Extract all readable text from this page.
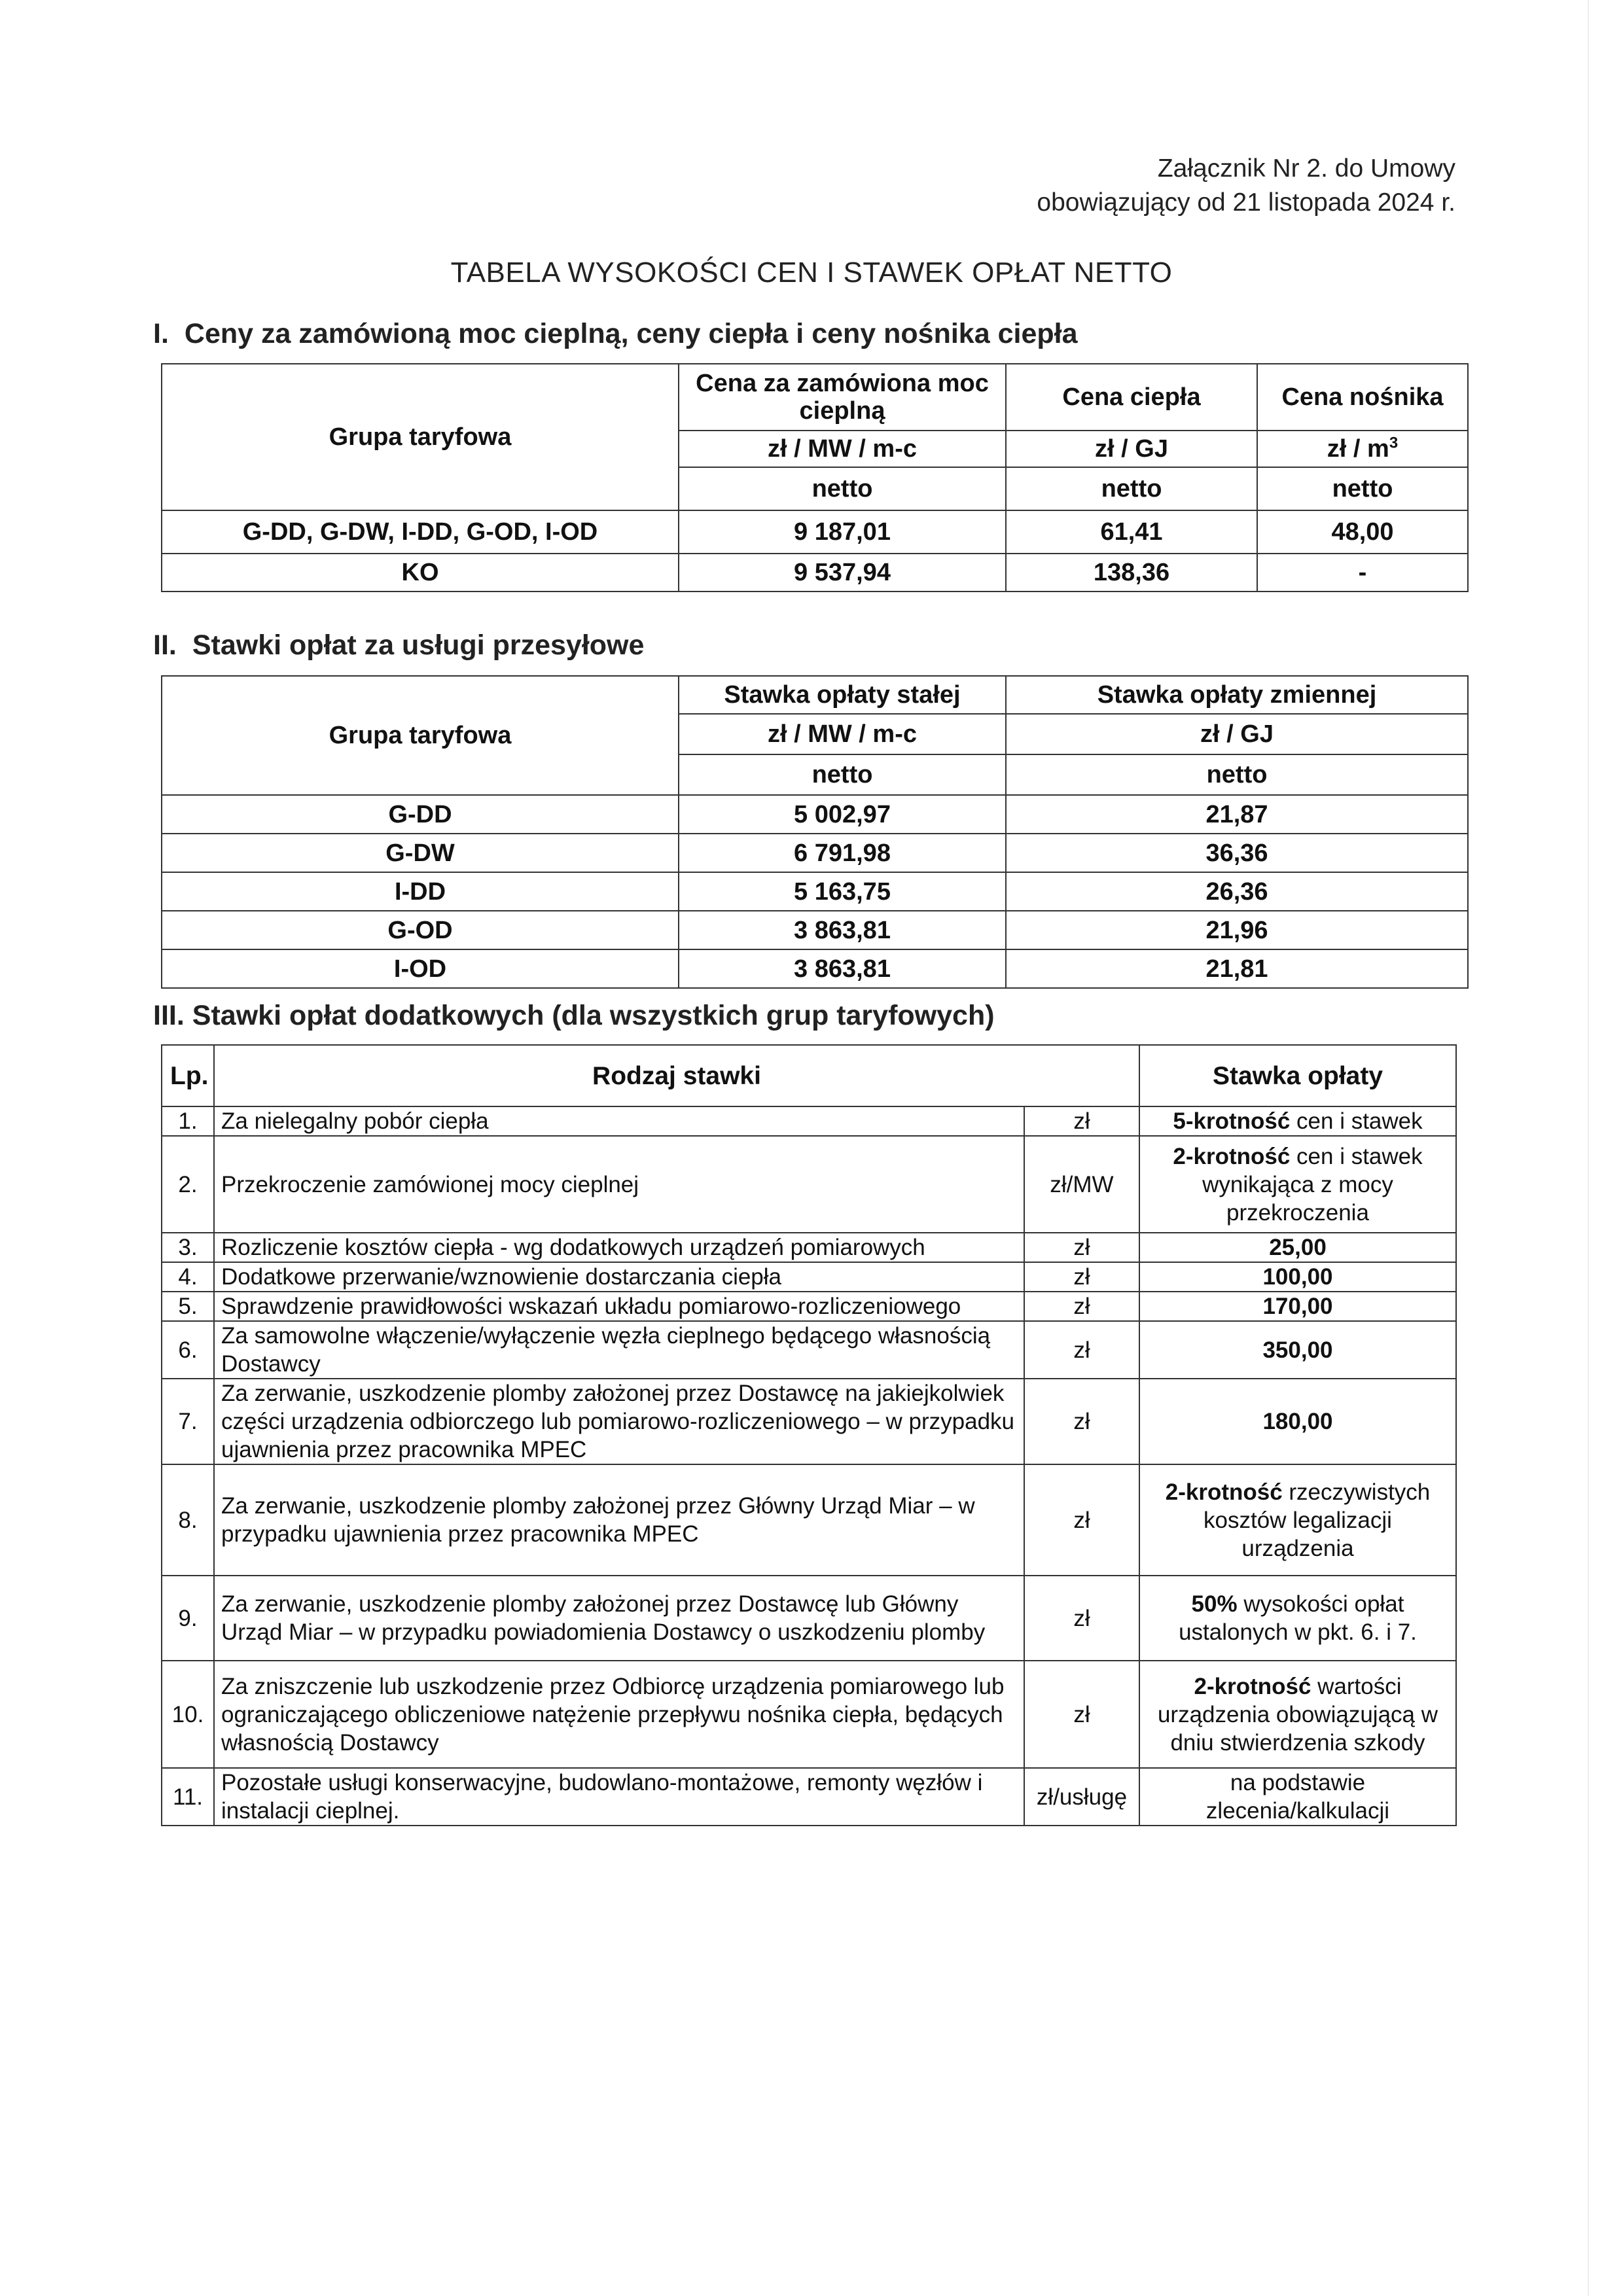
Załącznik Nr 2. do Umowy
obowiązujący od 21 listopada 2024 r.
TABELA WYSOKOŚCI CEN I STAWEK OPŁAT NETTO
I. Ceny za zamówioną moc cieplną, ceny ciepła i ceny nośnika ciepła
Grupa taryfowa	Cena za zamówiona moc cieplną	Cena ciepła	Cena nośnika
	zł / MW / m-c	zł / GJ	zł / $m^3$
	netto	netto	netto
G-DD, G-DW, I-DD, G-OD, I-OD	9 187,01	61,41	48,00
KO	9 537,94	138,36	-
II. Stawki opłat za usługi przesyłowe
Grupa taryfowa	Stawka opłaty stałej	Stawka opłaty zmiennej
	zł / MW / m-c	zł / GJ
	netto	netto
G-DD	5 002,97	21,87
G-DW	6 791,98	36,36
I-DD	5 163,75	26,36
G-OD	3 863,81	21,96
I-OD	3 863,81	21,81
III. Stawki opłat dodatkowych (dla wszystkich grup taryfowych)
Lp.	Rodzaj stawki		Stawka opłaty
1.	Za nielegalny pobór ciepła	zł	5-krotność cen i stawek
2.	Przekroczenie zamówionej mocy cieplnej	zł/MW	2-krotność cen i stawek wynikająca z mocy przekroczenia
3.	Rozliczenie kosztów ciepła - wg dodatkowych urządzeń pomiarowych	zł	25,00
4.	Dodatkowe przerwanie/wznowienie dostarczania ciepła	zł	100,00
5.	Sprawdzenie prawidłowości wskazań układu pomiarowo-rozliczeniowego	zł	170,00
6.	Za samowolne włączenie/wyłączenie węzła cieplnego będącego własnością Dostawcy	zł	350,00
7.	Za zerwanie, uszkodzenie plomby założonej przez Dostawcę na jakiejkolwiek części urządzenia odbiorczego lub pomiarowo-rozliczeniowego – w przypadku ujawnienia przez pracownika MPEC	zł	180,00
8.	Za zerwanie, uszkodzenie plomby założonej przez Główny Urząd Miar – w przypadku ujawnienia przez pracownika MPEC	zł	2-krotność rzeczywistych kosztów legalizacji urządzenia
9.	Za zerwanie, uszkodzenie plomby założonej przez Dostawcę lub Główny Urząd Miar – w przypadku powiadomienia Dostawcy o uszkodzeniu plomby	zł	50% wysokości opłat ustalonych w pkt. 6. i 7.
10.	Za zniszczenie lub uszkodzenie przez Odbiorcę urządzenia pomiarowego lub ograniczającego obliczeniowe natężenie przepływu nośnika ciepła, będących własnością Dostawcy	zł	2-krotność wartości urządzenia obowiązującą w dniu stwierdzenia szkody
11.	Pozostałe usługi konserwacyjne, budowlano-montażowe, remonty węzłów i instalacji cieplnej.	zł/usługę	na podstawie zlecenia/kalkulacji
